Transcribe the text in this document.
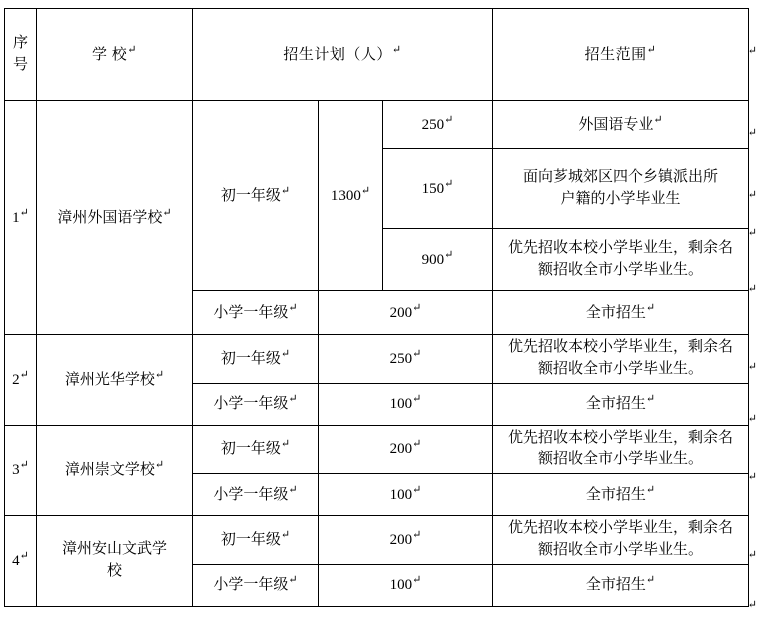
序
号	学 校↵	招生计划（人）↵			招生范围↵
1↵	漳州外国语学校↵	初一年级↵	1300↵	250↵	外国语专业↵
				150↵	面向芗城郊区四个乡镇派出所
户籍的小学毕业生

				900↵	优先招收本校小学毕业生，剩余名
额招收全市小学毕业生。

		小学一年级↵	200↵		全市招生↵
2↵	漳州光华学校↵	初一年级↵	250↵		优先招收本校小学毕业生，剩余名
额招收全市小学毕业生。

		小学一年级↵	100↵		全市招生↵
3↵	漳州崇文学校↵	初一年级↵	200↵		优先招收本校小学毕业生，剩余名
额招收全市小学毕业生。

		小学一年级↵	100↵		全市招生↵
4↵	漳州安山文武学
校	初一年级↵	200↵		优先招收本校小学毕业生，剩余名
额招收全市小学毕业生。

		小学一年级↵	100↵		全市招生↵
↵
↵
↵
↵
↵
↵
↵
↵
↵
↵
